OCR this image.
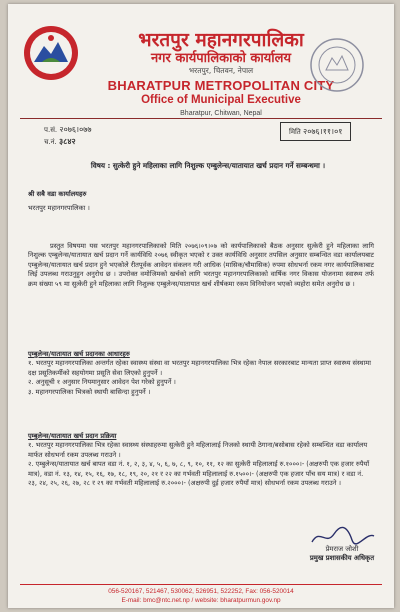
भरतपुर महानगरपालिका
नगर कार्यपालिकाको कार्यालय
भरतपुर, चितवन, नेपाल
BHARATPUR METROPOLITAN CITY
Office of Municipal Executive
Bharatpur, Chitwan, Nepal
प.सं. २०७६।०७७
च.नं. ३८४२
मिति २०७६।११।०१
विषय : सुत्केरी हुने महिलाका लागि निशुल्क एम्बुलेन्स/यातायात खर्च प्रदान गर्ने सम्बन्धमा ।
श्री सबै वडा कार्यालयहरु
भरतपुर महानगरपालिका ।
प्रस्तुत विषयमा यस भरतपुर महानगरपालिकाको मिति २०७६।०९।०७ को कार्यपालिकाको बैठक अनुसार सुत्केरी हुने महिलाका लागि निशुल्क एम्बुलेन्स/यातायात खर्च प्रदान गर्ने कार्यविधि २०७६ स्वीकृत भएको र उक्त कार्यविधि अनुसार तपसिल अनुसार सम्बन्धित वडा कार्यालयबाट एम्बुलेन्स/यातायात खर्च प्रदान हुने भएकोले रीतपूर्वक आवेदन संकलन गरी आधिक (मासिक/चौमासिक) रुपमा सोधभर्ना रकम नगर कार्यपालिकाबाट लिई उपलब्ध गराउनुहुन अनुरोध छ । उपरोक्त वमोजिमको खर्चको लागि भरतपुर महानगरपालिकाको वार्षिक नगर विकास योजनामा स्वास्थ्य तर्फ क्रम संख्या ५९ मा सुत्केरी हुने महिलाका लागि निशुल्क एम्बुलेन्स/यातायात खर्च शीर्षकमा रकम विनियोजन भएको व्यहोरा समेत अनुरोध छ ।
एम्बुलेन्स/यातायात खर्च प्रदानका आधारहरु
१. भरतपुर महानगरपालिका अन्तर्गत रहेका स्वास्थ्य संस्था वा भरतपुर महानगरपालिका भित्र रहेका नेपाल सरकारबाट मान्यता प्राप्त स्वास्थ्य संस्थामा दक्ष प्रसूतिकर्मीको सहयोगमा प्रसूति सेवा लिएको हुनुपर्ने ।
२. अनुसूची १ अनुसार नियमानुसार आवेदन पेश गरेको हुनुपर्ने ।
३. महानगरपालिका भित्रको स्थायी बासिन्दा हुनुपर्ने ।
एम्बुलेन्स/यातायात खर्च प्रदान प्रक्रिया
१. भरतपुर महानगरपालिका भित्र रहेका स्वास्थ्य संस्थाहरुमा सुत्केरी हुने महिलालाई निजको स्थायी ठेगाना/बसोबास रहेको सम्बन्धित वडा कार्यालय मार्फत सोधभर्ना रकम उपलब्ध गराउने ।
२. एम्बुलेन्स/यातायात खर्च बापत वडा नं. १, २, ३, ४, ५, ६, ७, ८, ९, १०, ११, १२ का सुत्केरी महिलालाई रु.१०००।- (अक्षरुपी एक हजार रुपैयाँ मात्र), वडा नं. १३, १४, १५, १६, १७, १८, १९, २०, २१ र २२ का गर्भवती महिलालाई रु.१५००।- (अक्षरुपी एक हजार पाँच सय मात्र) र वडा नं. २३, २४, २५, २६, २७, २८ र २९ का गर्भवती महिलालाई रु.२०००।- (अक्षरुपी दुई हजार रुपैयाँ मात्र) सोधभर्ना रकम उपलब्ध गराउने ।
प्रेमराज जोशी
प्रमुख प्रशासकीय अधिकृत
056-520167, 521467, 530062, 526951, 522252, Fax: 056-520014
E-mail: bmc@ntc.net.np / website: bharatpurmun.gov.np
